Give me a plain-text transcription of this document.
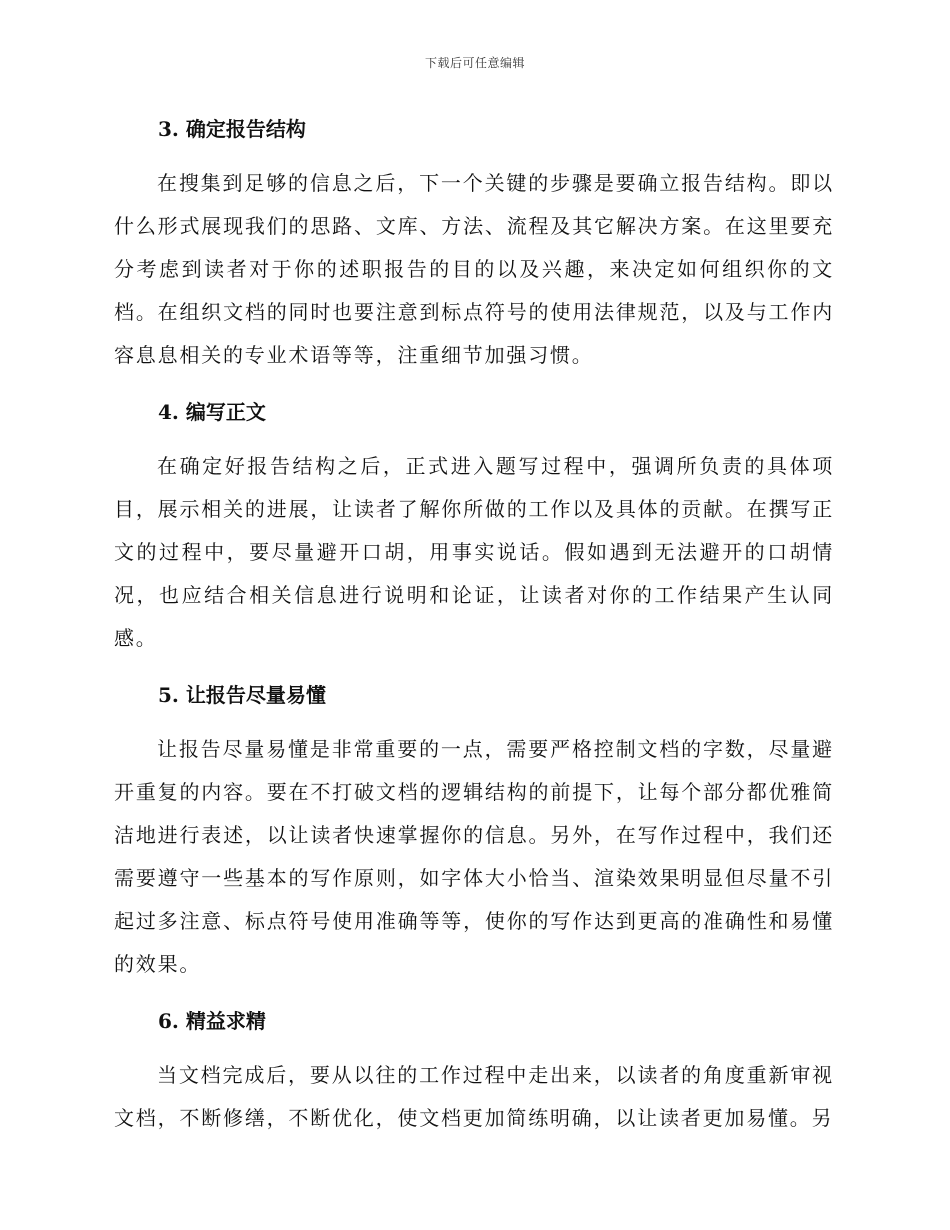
下载后可任意编辑
3. 确定报告结构

在搜集到足够的信息之后，下一个关键的步骤是要确立报告结构。即以什么形式展现我们的思路、文库、方法、流程及其它解决方案。在这里要充分考虑到读者对于你的述职报告的目的以及兴趣，来决定如何组织你的文档。在组织文档的同时也要注意到标点符号的使用法律规范，以及与工作内容息息相关的专业术语等等，注重细节加强习惯。

4. 编写正文

在确定好报告结构之后，正式进入题写过程中，强调所负责的具体项目，展示相关的进展，让读者了解你所做的工作以及具体的贡献。在撰写正文的过程中，要尽量避开口胡，用事实说话。假如遇到无法避开的口胡情况，也应结合相关信息进行说明和论证，让读者对你的工作结果产生认同感。

5. 让报告尽量易懂

让报告尽量易懂是非常重要的一点，需要严格控制文档的字数，尽量避开重复的内容。要在不打破文档的逻辑结构的前提下，让每个部分都优雅简洁地进行表述，以让读者快速掌握你的信息。另外，在写作过程中，我们还需要遵守一些基本的写作原则，如字体大小恰当、渲染效果明显但尽量不引起过多注意、标点符号使用准确等等，使你的写作达到更高的准确性和易懂的效果。

6. 精益求精

当文档完成后，要从以往的工作过程中走出来，以读者的角度重新审视文档，不断修缮，不断优化，使文档更加简练明确，以让读者更加易懂。另
